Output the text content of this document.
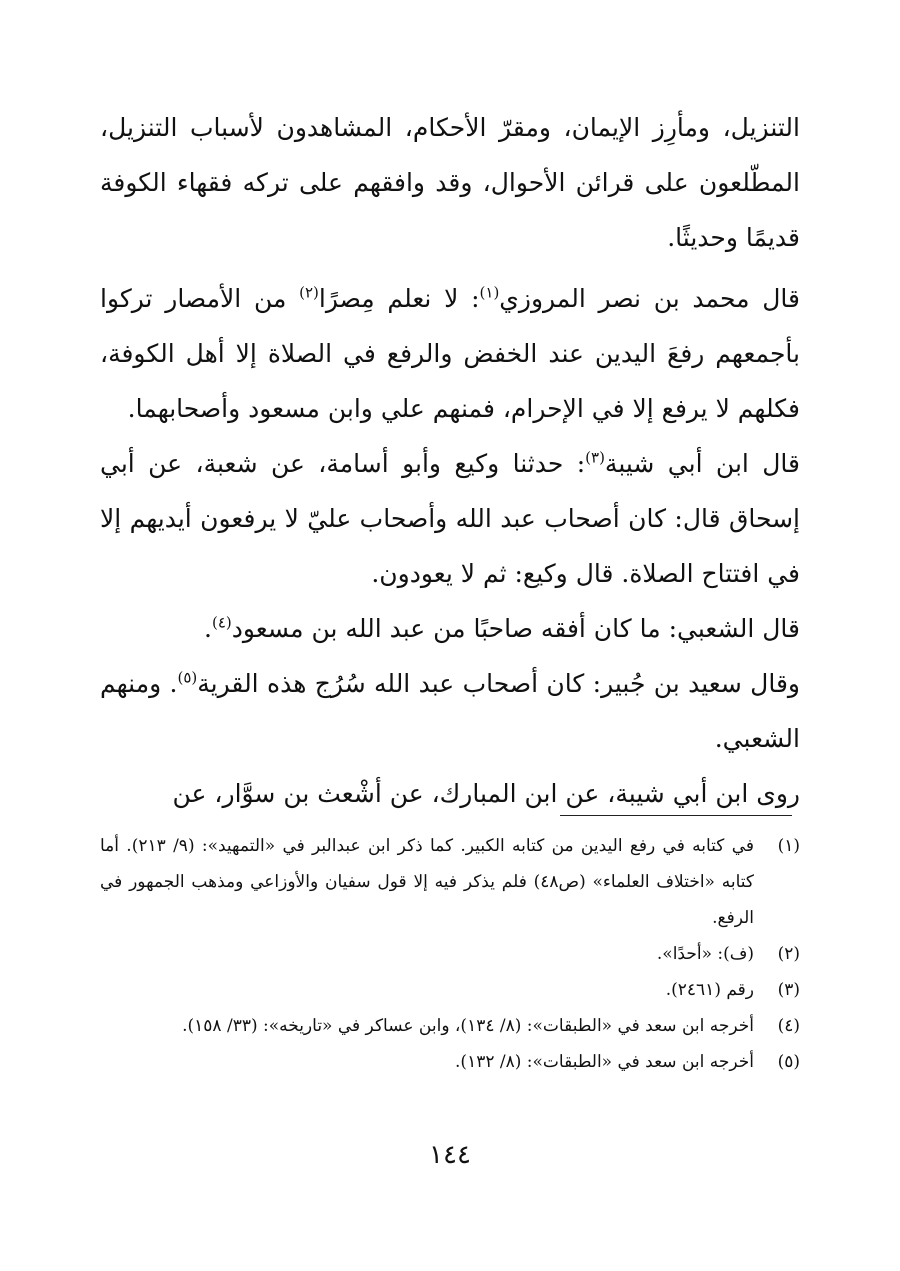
التنزيل، ومأرِز الإيمان، ومقرّ الأحكام، المشاهدون لأسباب التنزيل، المطّلعون على قرائن الأحوال، وقد وافقهم على تركه فقهاء الكوفة قديمًا وحديثًا.

قال محمد بن نصر المروزي$^{(١)}$: لا نعلم مِصرًا$^{(٢)}$ من الأمصار تركوا بأجمعهم رفعَ اليدين عند الخفض والرفع في الصلاة إلا أهل الكوفة، فكلهم لا يرفع إلا في الإحرام، فمنهم علي وابن مسعود وأصحابهما.

قال ابن أبي شيبة$^{(٣)}$: حدثنا وكيع وأبو أسامة، عن شعبة، عن أبي إسحاق قال: كان أصحاب عبد الله وأصحاب عليّ لا يرفعون أيديهم إلا في افتتاح الصلاة. قال وكيع: ثم لا يعودون.

قال الشعبي: ما كان أفقه صاحبًا من عبد الله بن مسعود$^{(٤)}$.

وقال سعيد بن جُبير: كان أصحاب عبد الله سُرُج هذه القرية$^{(٥)}$. ومنهم الشعبي.

روى ابن أبي شيبة، عن ابن المبارك، عن أشْعث بن سوَّار، عن

(١)
في كتابه في رفع اليدين من كتابه الكبير. كما ذكر ابن عبدالبر في «التمهيد»: (٩/ ٢١٣). أما كتابه «اختلاف العلماء» (ص٤٨) فلم يذكر فيه إلا قول سفيان والأوزاعي ومذهب الجمهور في الرفع.
(٢)
(ف): «أحدًا».
(٣)
رقم (٢٤٦١).
(٤)
أخرجه ابن سعد في «الطبقات»: (٨/ ١٣٤)، وابن عساكر في «تاريخه»: (٣٣/ ١٥٨).
(٥)
أخرجه ابن سعد في «الطبقات»: (٨/ ١٣٢).
١٤٤
